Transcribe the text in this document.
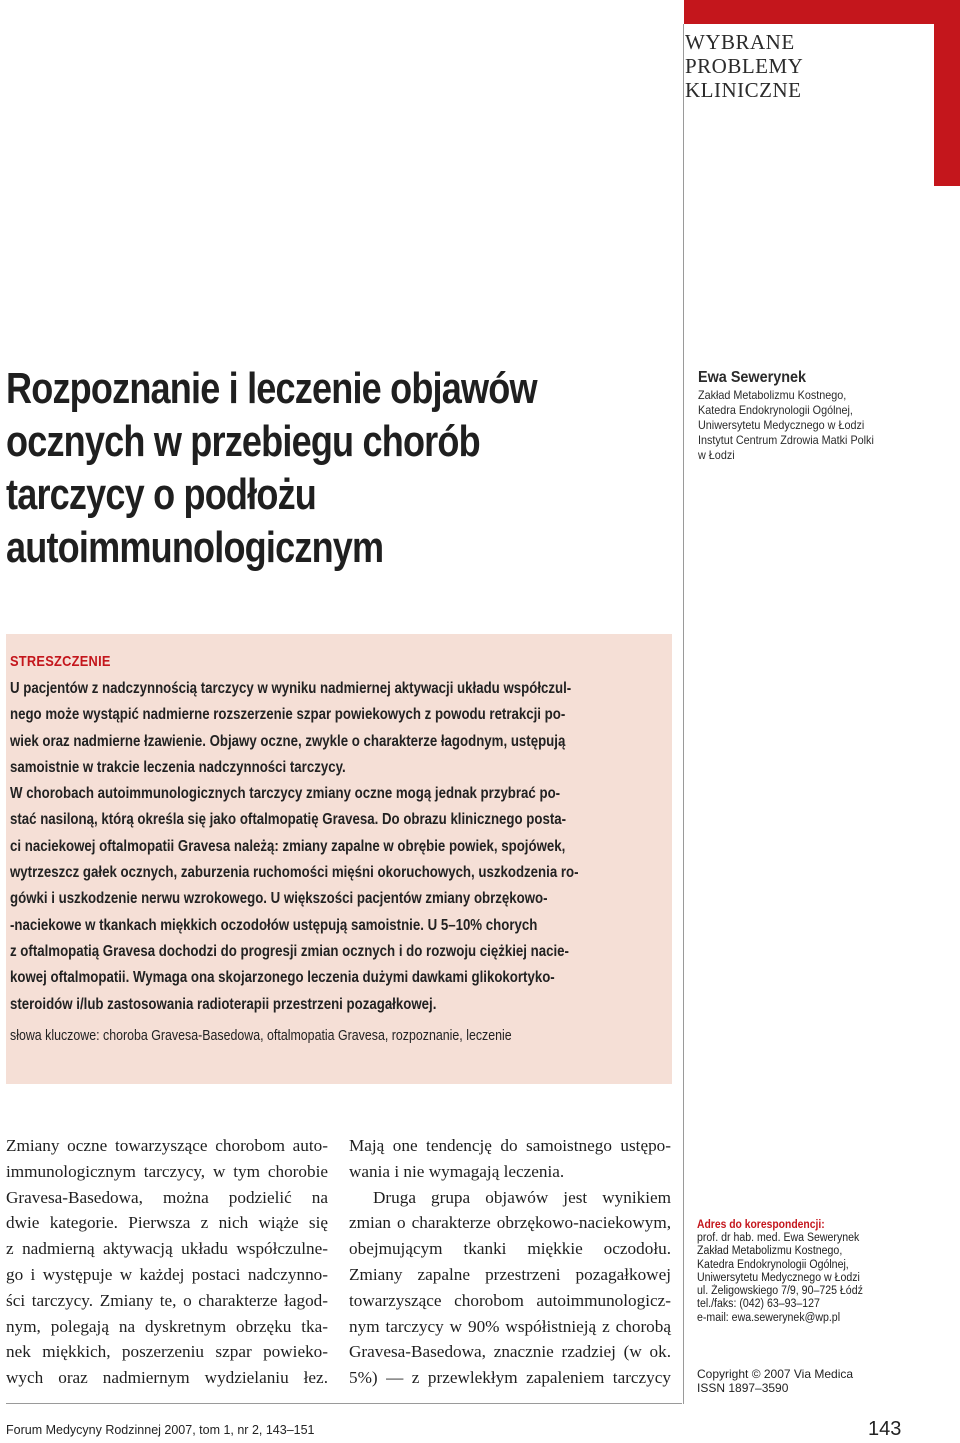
WYBRANE
PROBLEMY
KLINICZNE
Rozpoznanie i leczenie objawów
ocznych w przebiegu chorób
tarczycy o podłożu
autoimmunologicznym
Ewa Sewerynek
Zakład Metabolizmu Kostnego,
Katedra Endokrynologii Ogólnej,
Uniwersytetu Medycznego w Łodzi
Instytut Centrum Zdrowia Matki Polki
w Łodzi
STRESZCZENIE
U pacjentów z nadczynnością tarczycy w wyniku nadmiernej aktywacji układu współczul-
nego może wystąpić nadmierne rozszerzenie szpar powiekowych z powodu retrakcji po-
wiek oraz nadmierne łzawienie. Objawy oczne, zwykle o charakterze łagodnym, ustępują
samoistnie w trakcie leczenia nadczynności tarczycy.
W chorobach autoimmunologicznych tarczycy zmiany oczne mogą jednak przybrać po-
stać nasiloną, którą określa się jako oftalmopatię Gravesa. Do obrazu klinicznego posta-
ci naciekowej oftalmopatii Gravesa należą: zmiany zapalne w obrębie powiek, spojówek,
wytrzeszcz gałek ocznych, zaburzenia ruchomości mięśni okoruchowych, uszkodzenia ro-
gówki i uszkodzenie nerwu wzrokowego. U większości pacjentów zmiany obrzękowo-
-naciekowe w tkankach miękkich oczodołów ustępują samoistnie. U 5–10% chorych
z oftalmopatią Gravesa dochodzi do progresji zmian ocznych i do rozwoju ciężkiej nacie-
kowej oftalmopatii. Wymaga ona skojarzonego leczenia dużymi dawkami glikokortyko-
steroidów i/lub zastosowania radioterapii przestrzeni pozagałkowej.
słowa kluczowe: choroba Gravesa-Basedowa, oftalmopatia Gravesa, rozpoznanie, leczenie
Zmiany oczne towarzyszące chorobom auto-
immunologicznym tarczycy, w tym chorobie
Gravesa-Basedowa, można podzielić na
dwie kategorie. Pierwsza z nich wiąże się
z nadmierną aktywacją układu współczulne-
go i występuje w każdej postaci nadczynno-
ści tarczycy. Zmiany te, o charakterze łagod-
nym, polegają na dyskretnym obrzęku tka-
nek miękkich, poszerzeniu szpar powieko-
wych oraz nadmiernym wydzielaniu łez.
Mają one tendencję do samoistnego ustępo-
wania i nie wymagają leczenia.
Druga grupa objawów jest wynikiem
zmian o charakterze obrzękowo-naciekowym,
obejmującym tkanki miękkie oczodołu.
Zmiany zapalne przestrzeni pozagałkowej
towarzyszące chorobom autoimmunologicz-
nym tarczycy w 90% współistnieją z chorobą
Gravesa-Basedowa, znacznie rzadziej (w ok.
5%) — z przewlekłym zapaleniem tarczycy
Adres do korespondencji:
prof. dr hab. med. Ewa Sewerynek
Zakład Metabolizmu Kostnego,
Katedra Endokrynologii Ogólnej,
Uniwersytetu Medycznego w Łodzi
ul. Żeligowskiego 7/9, 90–725 Łódź
tel./faks: (042) 63–93–127
e-mail: ewa.sewerynek@wp.pl
Copyright © 2007 Via Medica
ISSN 1897–3590
Forum Medycyny Rodzinnej 2007, tom 1, nr 2, 143–151	143
